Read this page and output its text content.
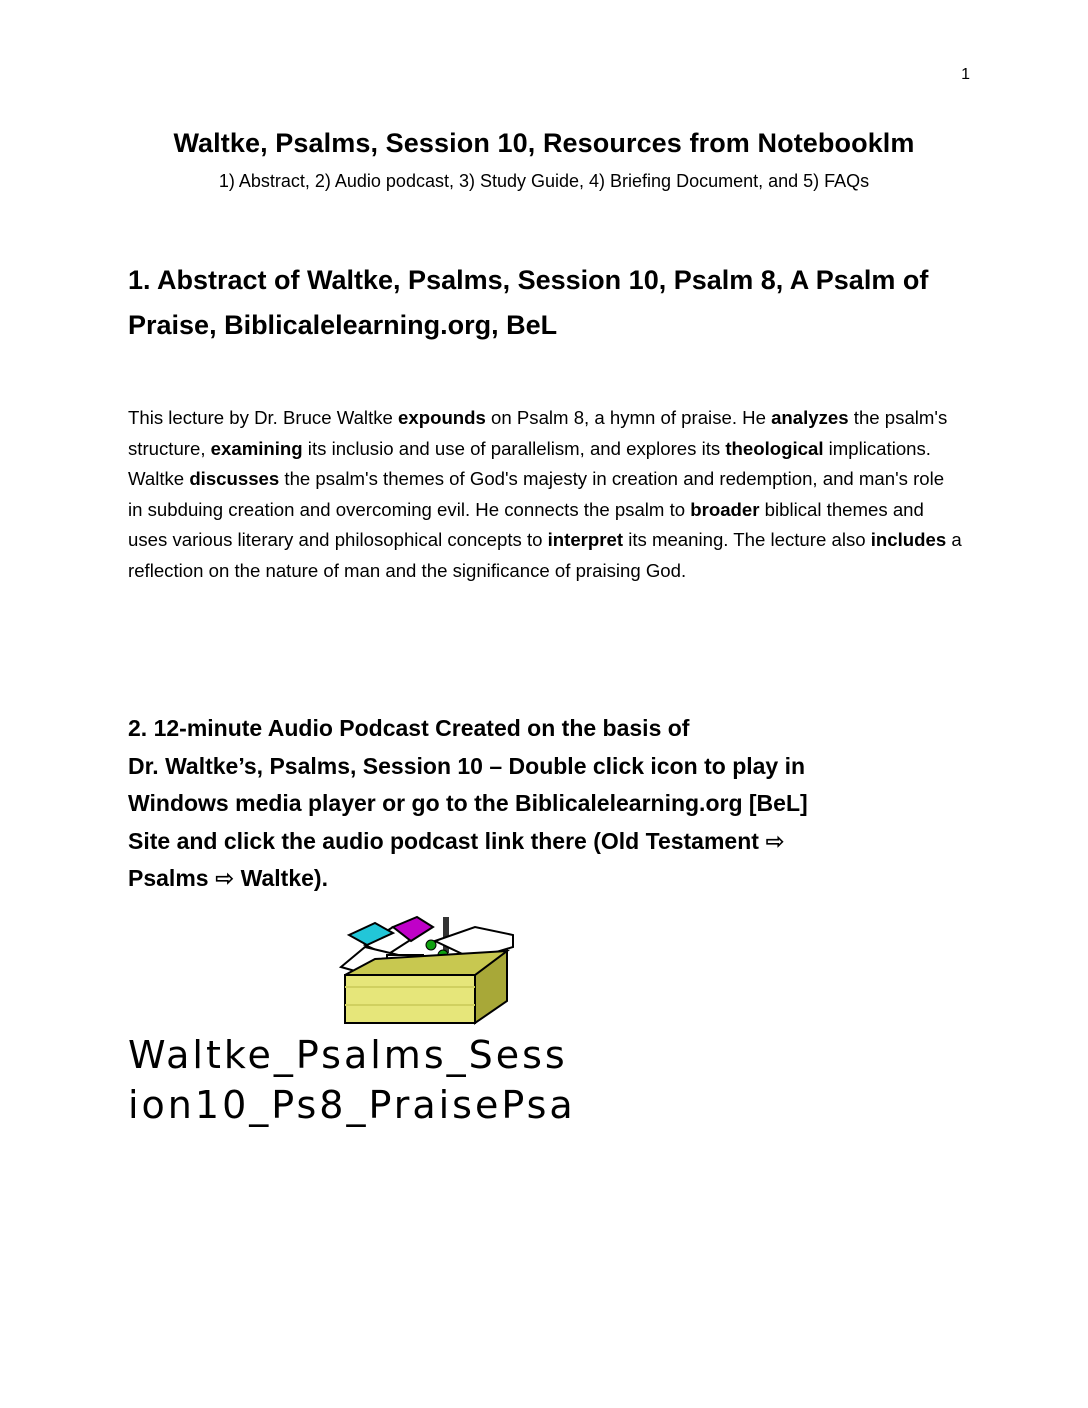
1
Waltke, Psalms, Session 10, Resources from Notebooklm
1) Abstract, 2) Audio podcast, 3) Study Guide, 4) Briefing Document, and 5) FAQs
1. Abstract of Waltke, Psalms, Session 10, Psalm 8, A Psalm of
Praise, Biblicalelearning.org, BeL
This lecture by Dr. Bruce Waltke expounds on Psalm 8, a hymn of praise. He analyzes the psalm's structure, examining its inclusio and use of parallelism, and explores its theological implications. Waltke discusses the psalm's themes of God's majesty in creation and redemption, and man's role in subduing creation and overcoming evil. He connects the psalm to broader biblical themes and uses various literary and philosophical concepts to interpret its meaning. The lecture also includes a reflection on the nature of man and the significance of praising God.
2. 12-minute Audio Podcast Created on the basis of
Dr. Waltke’s, Psalms, Session 10 – Double click icon to play in
Windows media player or go to the Biblicalelearning.org [BeL]
Site and click the audio podcast link there (Old Testament ⇨
Psalms ⇨ Waltke).
Waltke_Psalms_Sess
ion10_Ps8_PraisePsa
